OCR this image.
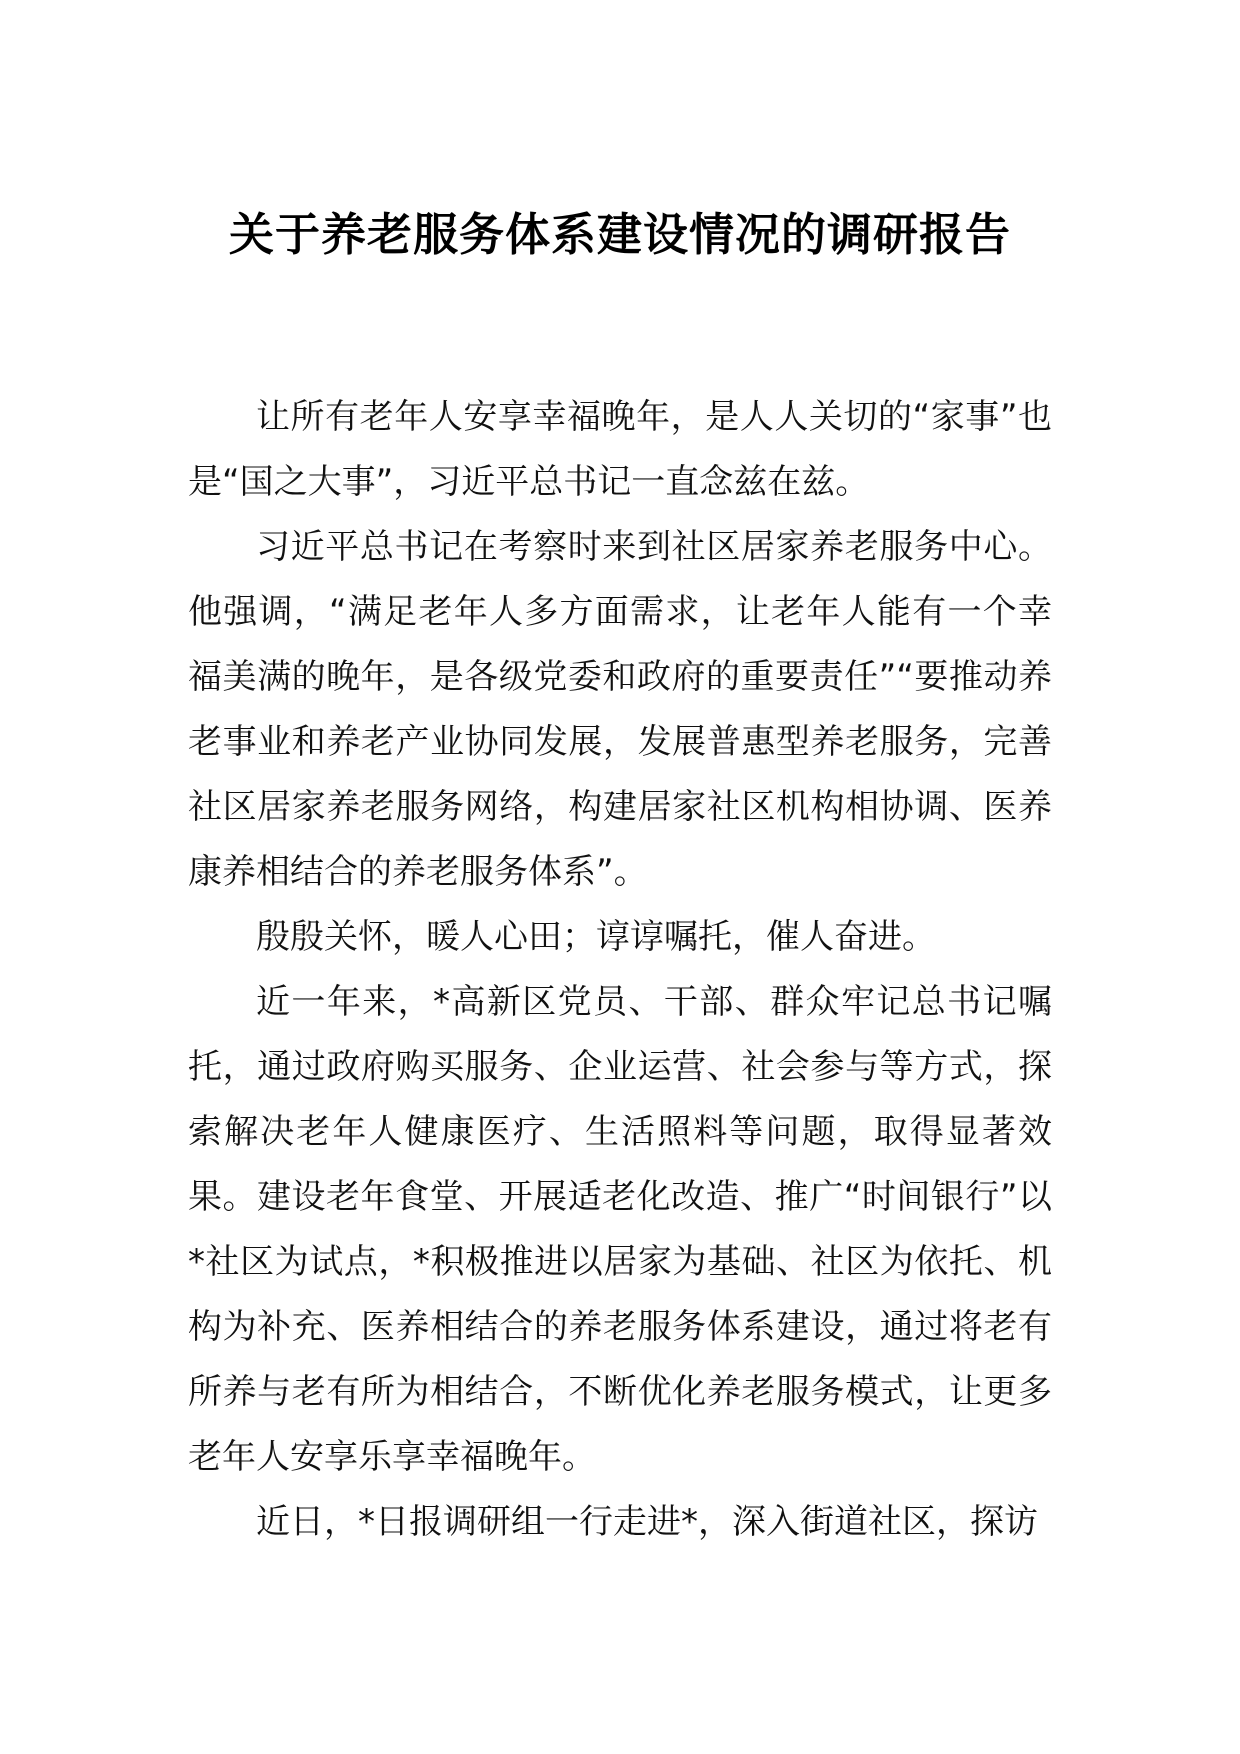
关于养老服务体系建设情况的调研报告

让所有老年人安享幸福晚年，是人人关切的“家事”也是“国之大事”，习近平总书记一直念兹在兹。

习近平总书记在考察时来到社区居家养老服务中心。他强调，“满足老年人多方面需求，让老年人能有一个幸福美满的晚年，是各级党委和政府的重要责任”“要推动养老事业和养老产业协同发展，发展普惠型养老服务，完善社区居家养老服务网络，构建居家社区机构相协调、医养康养相结合的养老服务体系”。

殷殷关怀，暖人心田；谆谆嘱托，催人奋进。

近一年来，*高新区党员、干部、群众牢记总书记嘱托，通过政府购买服务、企业运营、社会参与等方式，探索解决老年人健康医疗、生活照料等问题，取得显著效果。建设老年食堂、开展适老化改造、推广“时间银行”以*社区为试点，*积极推进以居家为基础、社区为依托、机构为补充、医养相结合的养老服务体系建设，通过将老有所养与老有所为相结合，不断优化养老服务模式，让更多老年人安享乐享幸福晚年。

近日，*日报调研组一行走进*，深入街道社区，探访
